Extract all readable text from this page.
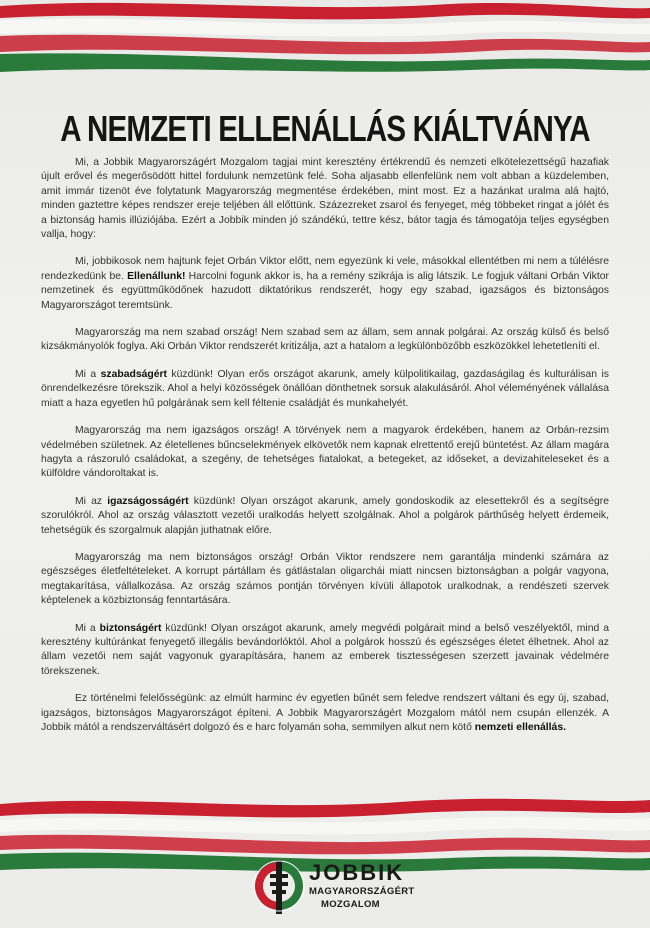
A NEMZETI ELLENÁLLÁS KIÁLTVÁNYA

Mi, a Jobbik Magyarországért Mozgalom tagjai mint keresztény értékrendű és nemzeti elkötelezettségű hazafiak újult erővel és megerősödött hittel fordulunk nemzetünk felé. Soha aljasabb ellenfelünk nem volt abban a küzdelemben, amit immár tizenöt éve folytatunk Magyarország megmentése érdekében, mint most. Ez a hazánkat uralma alá hajtó, minden gaztettre képes rendszer ereje teljében áll előttünk. Százezreket zsarol és fenyeget, még többeket ringat a jólét és a biztonság hamis illúziójába. Ezért a Jobbik minden jó szándékú, tettre kész, bátor tagja és támogatója teljes egységben vallja, hogy:

Mi, jobbikosok nem hajtunk fejet Orbán Viktor előtt, nem egyezünk ki vele, másokkal ellentétben mi nem a túlélésre rendezkedünk be. Ellenállunk! Harcolni fogunk akkor is, ha a remény szikrája is alig látszik. Le fogjuk váltani Orbán Viktor nemzetinek és együttműködőnek hazudott diktatórikus rendszerét, hogy egy szabad, igazságos és biztonságos Magyarországot teremtsünk.

Magyarország ma nem szabad ország! Nem szabad sem az állam, sem annak polgárai. Az ország külső és belső kizsákmányolók foglya. Aki Orbán Viktor rendszerét kritizálja, azt a hatalom a legkülönbözőbb eszközökkel lehetetleníti el.

Mi a szabadságért küzdünk! Olyan erős országot akarunk, amely külpolitikailag, gazdaságilag és kulturálisan is önrendelkezésre törekszik. Ahol a helyi közösségek önállóan dönthetnek sorsuk alakulásáról. Ahol véleményének vállalása miatt a haza egyetlen hű polgárának sem kell féltenie családját és munkahelyét.

Magyarország ma nem igazságos ország! A törvények nem a magyarok érdekében, hanem az Orbán-rezsim védelmében születnek. Az életellenes bűncselekmények elkövetők nem kapnak elrettentő erejű büntetést. Az állam magára hagyta a rászoruló családokat, a szegény, de tehetséges fiatalokat, a betegeket, az időseket, a devizahiteleseket és a külföldre vándoroltakat is.

Mi az igazságosságért küzdünk! Olyan országot akarunk, amely gondoskodik az elesettekről és a segítségre szorulókról. Ahol az ország választott vezetői uralkodás helyett szolgálnak. Ahol a polgárok párthűség helyett érdemeik, tehetségük és szorgalmuk alapján juthatnak előre.

Magyarország ma nem biztonságos ország! Orbán Viktor rendszere nem garantálja mindenki számára az egészséges életfeltételeket. A korrupt pártállam és gátlástalan oligarchái miatt nincsen biztonságban a polgár vagyona, megtakarítása, vállalkozása. Az ország számos pontján törvényen kívüli állapotok uralkodnak, a rendészeti szervek képtelenek a közbiztonság fenntartására.

Mi a biztonságért küzdünk! Olyan országot akarunk, amely megvédi polgárait mind a belső veszélyektől, mind a keresztény kultúránkat fenyegető illegális bevándorlóktól. Ahol a polgárok hosszú és egészséges életet élhetnek. Ahol az állam vezetői nem saját vagyonuk gyarapítására, hanem az emberek tisztességesen szerzett javainak védelmére törekszenek.

Ez történelmi felelősségünk: az elmúlt harminc év egyetlen bűnét sem feledve rendszert váltani és egy új, szabad, igazságos, biztonságos Magyarországot építeni. A Jobbik Magyarországért Mozgalom mától nem csupán ellenzék. A Jobbik mától a rendszerváltásért dolgozó és e harc folyamán soha, semmilyen alkut nem kötő nemzeti ellenállás.

JOBBIK
MAGYARORSZÁGÉRT
MOZGALOM
